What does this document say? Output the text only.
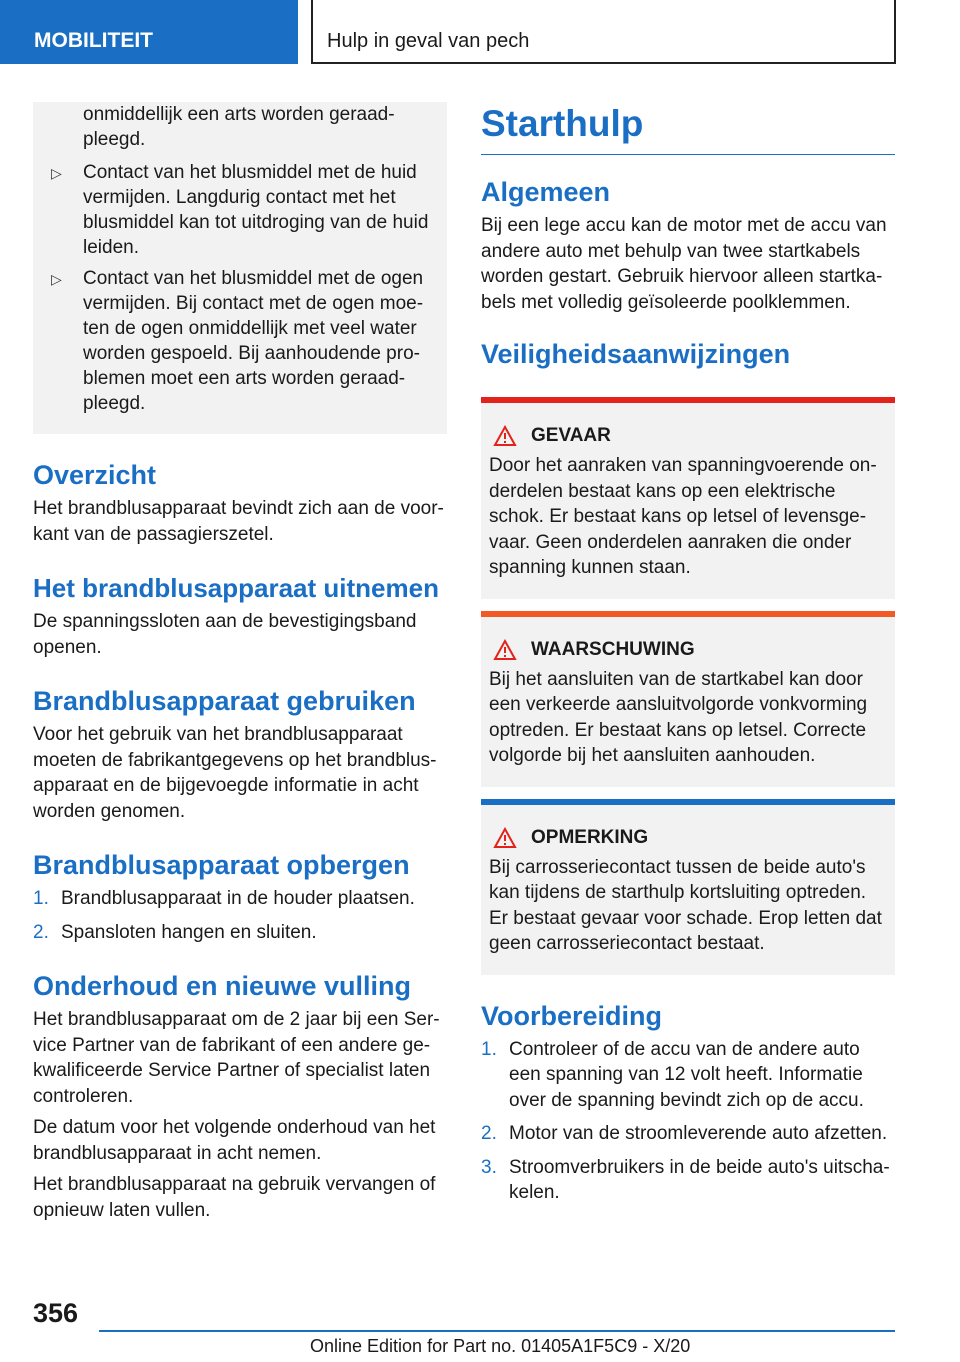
MOBILITEIT	Hulp in geval van pech
onmiddellijk een arts worden geraad-pleegd.
▷ Contact van het blusmiddel met de huid vermijden. Langdurig contact met het blusmiddel kan tot uitdroging van de huid leiden.
▷ Contact van het blusmiddel met de ogen vermijden. Bij contact met de ogen moe-ten de ogen onmiddellijk met veel water worden gespoeld. Bij aanhoudende pro-blemen moet een arts worden geraad-pleegd.
Overzicht

Het brandblusapparaat bevindt zich aan de voor-kant van de passagierszetel.

Het brandblusapparaat uitnemen

De spanningssloten aan de bevestigingsband openen.

Brandblusapparaat gebruiken

Voor het gebruik van het brandblusapparaat moeten de fabrikantgegevens op het brandblus-apparaat en de bijgevoegde informatie in acht worden genomen.

Brandblusapparaat opbergen
1. Brandblusapparaat in de houder plaatsen.
2. Spansloten hangen en sluiten.
Onderhoud en nieuwe vulling

Het brandblusapparaat om de 2 jaar bij een Ser-vice Partner van de fabrikant of een andere ge-kwalificeerde Service Partner of specialist laten controleren.

De datum voor het volgende onderhoud van het brandblusapparaat in acht nemen.

Het brandblusapparaat na gebruik vervangen of opnieuw laten vullen.

Starthulp
Algemeen

Bij een lege accu kan de motor met de accu van andere auto met behulp van twee startkabels worden gestart. Gebruik hiervoor alleen startka-bels met volledig geïsoleerde poolklemmen.

Veiligheidsaanwijzingen
GEVAAR
Door het aanraken van spanningvoerende on-derdelen bestaat kans op een elektrische schok. Er bestaat kans op letsel of levensge-vaar. Geen onderdelen aanraken die onder spanning kunnen staan.
WAARSCHUWING
Bij het aansluiten van de startkabel kan door een verkeerde aansluitvolgorde vonkvorming optreden. Er bestaat kans op letsel. Correcte volgorde bij het aansluiten aanhouden.
OPMERKING
Bij carrosseriecontact tussen de beide auto's kan tijdens de starthulp kortsluiting optreden. Er bestaat gevaar voor schade. Erop letten dat geen carrosseriecontact bestaat.
Voorbereiding
1. Controleer of de accu van de andere auto een spanning van 12 volt heeft. Informatie over de spanning bevindt zich op de accu.
2. Motor van de stroomleverende auto afzetten.
3. Stroomverbruikers in de beide auto's uitscha-kelen.
356
Online Edition for Part no. 01405A1F5C9 - X/20
